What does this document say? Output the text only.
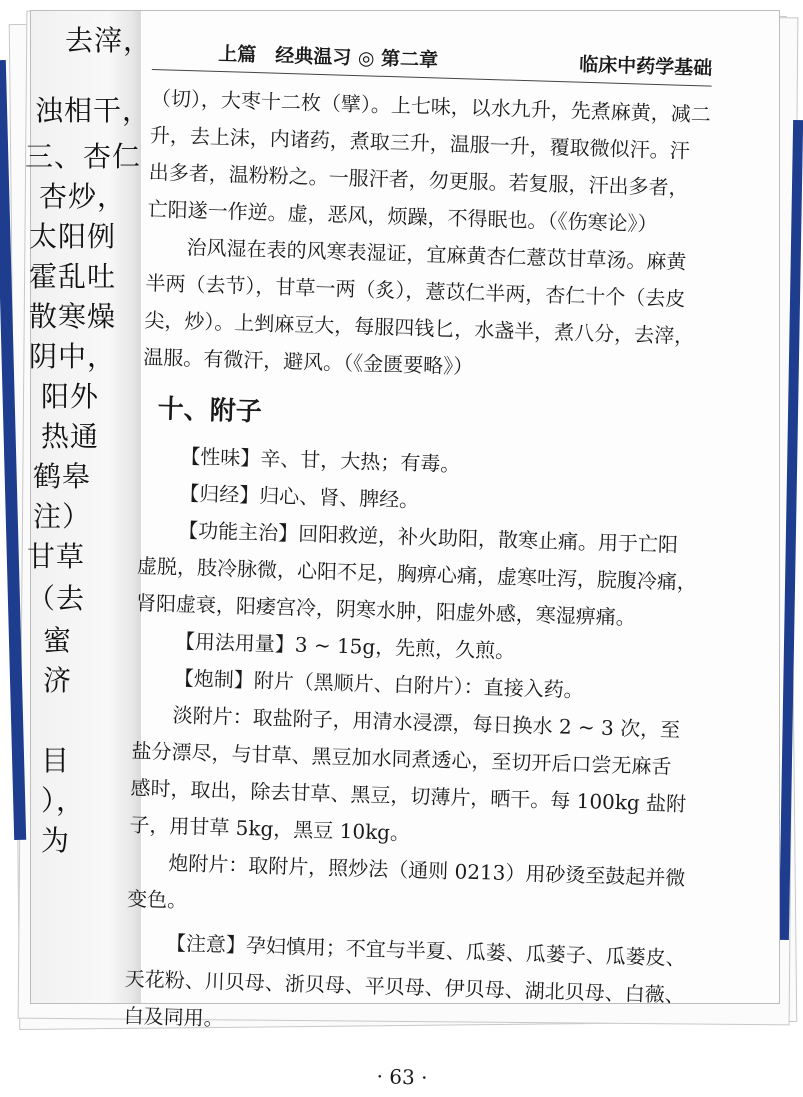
去滓，
浊相干，
三、杏仁
杏炒，
太阳例
霍乱吐
散寒燥
阴中，
阳外
热通
鹤皋
注）
甘草
（去
蜜
济
目
），
为
上篇　经典温习 ◎ 第二章	临床中药学基础

（切），大枣十二枚（擘）。上七味，以水九升，先煮麻黄，减二

升，去上沫，内诸药，煮取三升，温服一升，覆取微似汗。汗

出多者，温粉粉之。一服汗者，勿更服。若复服，汗出多者，

亡阳遂一作逆。虚，恶风，烦躁，不得眠也。（《伤寒论》）

治风湿在表的风寒表湿证，宜麻黄杏仁薏苡甘草汤。麻黄

半两（去节），甘草一两（炙），薏苡仁半两，杏仁十个（去皮

尖，炒）。上剉麻豆大，每服四钱匕，水盏半，煮八分，去滓，

温服。有微汗，避风。（《金匮要略》）

十、附子

【性味】辛、甘，大热；有毒。

【归经】归心、肾、脾经。

【功能主治】回阳救逆，补火助阳，散寒止痛。用于亡阳

虚脱，肢冷脉微，心阳不足，胸痹心痛，虚寒吐泻，脘腹冷痛，

肾阳虚衰，阳痿宫冷，阴寒水肿，阳虚外感，寒湿痹痛。

【用法用量】3 ~ 15g，先煎，久煎。

【炮制】附片（黑顺片、白附片）：直接入药。

淡附片：取盐附子，用清水浸漂，每日换水 2 ~ 3 次，至

盐分漂尽，与甘草、黑豆加水同煮透心，至切开后口尝无麻舌

感时，取出，除去甘草、黑豆，切薄片，晒干。每 100kg 盐附

子，用甘草 5kg，黑豆 10kg。

炮附片：取附片，照炒法（通则 0213）用砂烫至鼓起并微

变色。

【注意】孕妇慎用；不宜与半夏、瓜蒌、瓜蒌子、瓜蒌皮、

天花粉、川贝母、浙贝母、平贝母、伊贝母、湖北贝母、白薇、

白及同用。

· 63 ·
